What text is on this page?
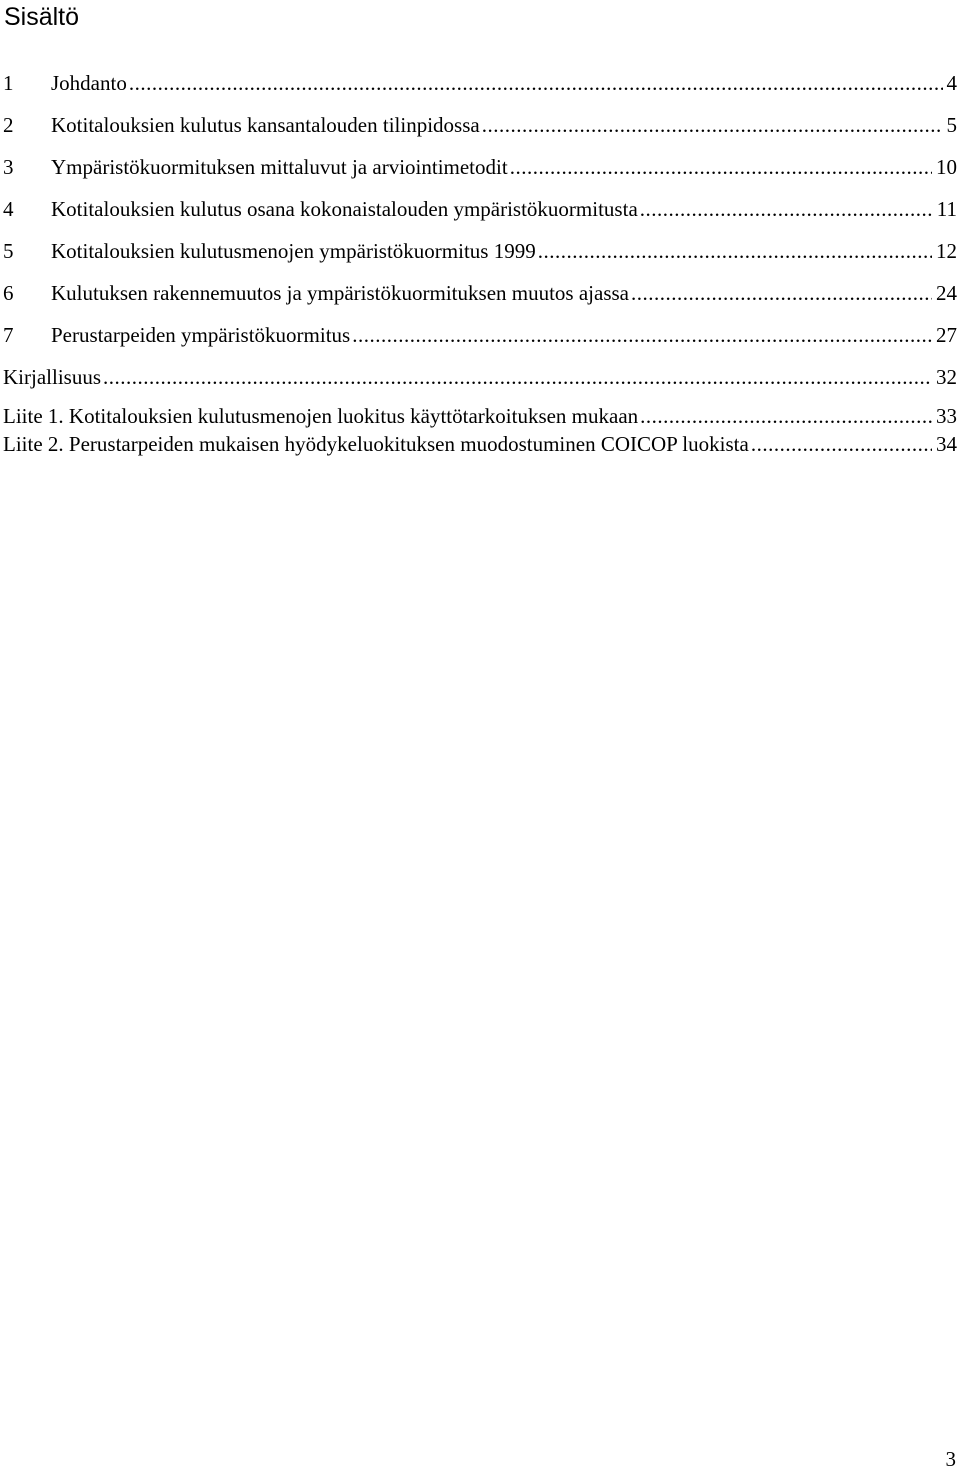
Sisältö
1	Johdanto .....	4
2	Kotitalouksien kulutus kansantalouden tilinpidossa .....	5
3	Ympäristökuormituksen mittaluvut ja arviointimetodit .....	10
4	Kotitalouksien kulutus osana kokonaistalouden ympäristökuormitusta .....	11
5	Kotitalouksien kulutusmenojen ympäristökuormitus 1999 .....	12
6	Kulutuksen rakennemuutos ja ympäristökuormituksen muutos ajassa .....	24
7	Perustarpeiden ympäristökuormitus .....	27
Kirjallisuus .....	32
Liite 1. Kotitalouksien kulutusmenojen luokitus käyttötarkoituksen mukaan .....	33
Liite 2. Perustarpeiden mukaisen hyödykeluokituksen muodostuminen COICOP luokista .....	34
3
